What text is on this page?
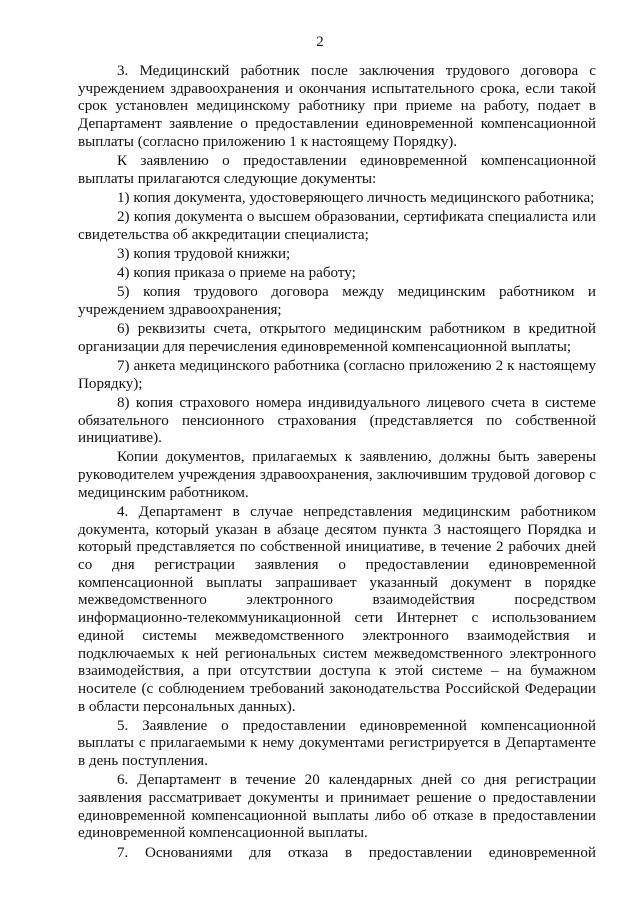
2

3. Медицинский работник после заключения трудового договора с учреждением здравоохранения и окончания испытательного срока, если такой срок установлен медицинскому работнику при приеме на работу, подает в Департамент заявление о предоставлении единовременной компенсационной выплаты (согласно приложению 1 к настоящему Порядку).

К заявлению о предоставлении единовременной компенсационной выплаты прилагаются следующие документы:

1) копия документа, удостоверяющего личность медицинского работника;

2) копия документа о высшем образовании, сертификата специалиста или свидетельства об аккредитации специалиста;

3) копия трудовой книжки;

4) копия приказа о приеме на работу;

5) копия трудового договора между медицинским работником и учреждением здравоохранения;

6) реквизиты счета, открытого медицинским работником в кредитной организации для перечисления единовременной компенсационной выплаты;

7) анкета медицинского работника (согласно приложению 2 к настоящему Порядку);

8) копия страхового номера индивидуального лицевого счета в системе обязательного пенсионного страхования (представляется по собственной инициативе).

Копии документов, прилагаемых к заявлению, должны быть заверены руководителем учреждения здравоохранения, заключившим трудовой договор с медицинским работником.

4. Департамент в случае непредставления медицинским работником документа, который указан в абзаце десятом пункта 3 настоящего Порядка и который представляется по собственной инициативе, в течение 2 рабочих дней со дня регистрации заявления о предоставлении единовременной компенсационной выплаты запрашивает указанный документ в порядке межведомственного электронного взаимодействия посредством информационно-телекоммуникационной сети Интернет с использованием единой системы межведомственного электронного взаимодействия и подключаемых к ней региональных систем межведомственного электронного взаимодействия, а при отсутствии доступа к этой системе – на бумажном носителе (с соблюдением требований законодательства Российской Федерации в области персональных данных).

5. Заявление о предоставлении единовременной компенсационной выплаты с прилагаемыми к нему документами регистрируется в Департаменте в день поступления.

6. Департамент в течение 20 календарных дней со дня регистрации заявления рассматривает документы и принимает решение о предоставлении единовременной компенсационной выплаты либо об отказе в предоставлении единовременной компенсационной выплаты.

7. Основаниями для отказа в предоставлении единовременной
